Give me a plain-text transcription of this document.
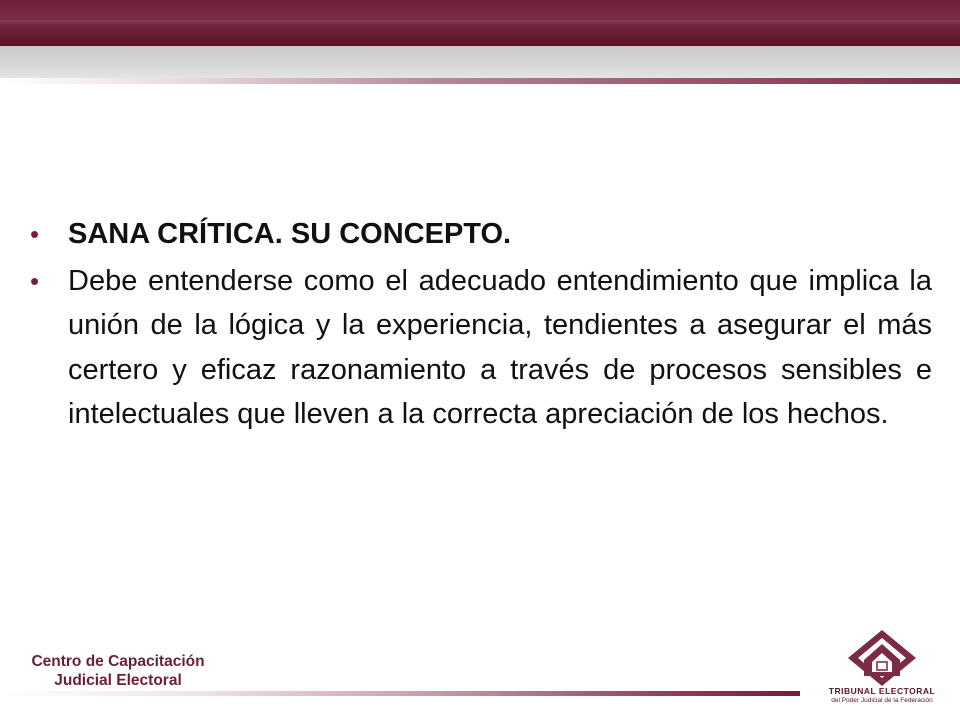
• SANA CRÍTICA. SU CONCEPTO.
• Debe entenderse como el adecuado entendimiento que implica la unión de la lógica y la experiencia, tendientes a asegurar el más certero y eficaz razonamiento a través de procesos sensibles e intelectuales que lleven a la correcta apreciación de los hechos.
Centro de Capacitación
Judicial Electoral
TRIBUNAL ELECTORAL
del Poder Judicial de la Federación
